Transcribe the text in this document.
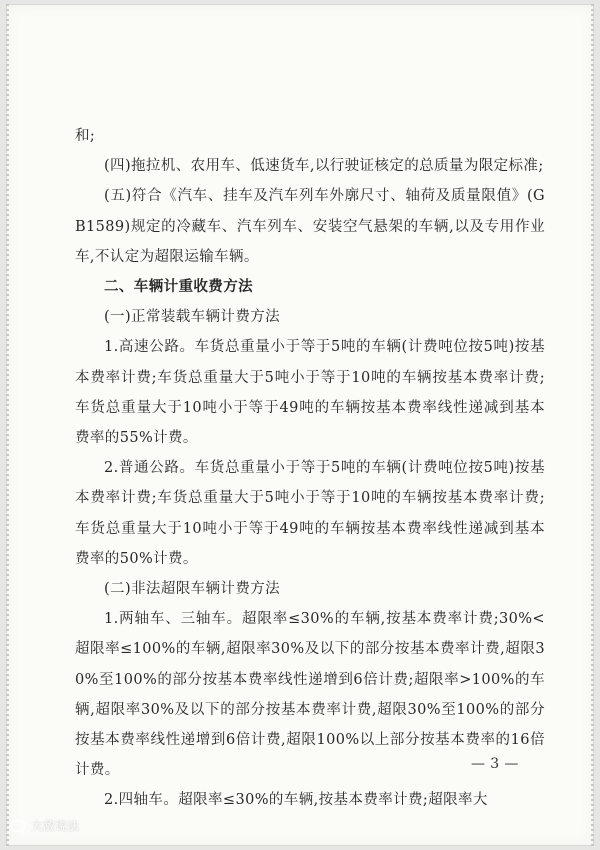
和;

(四)拖拉机、农用车、低速货车,以行驶证核定的总质量为限定标准;

(五)符合《汽车、挂车及汽车列车外廓尺寸、轴荷及质量限值》(GB1589)规定的冷藏车、汽车列车、安装空气悬架的车辆,以及专用作业车,不认定为超限运输车辆。

二、车辆计重收费方法

(一)正常装载车辆计费方法

1.高速公路。车货总重量小于等于5吨的车辆(计费吨位按5吨)按基本费率计费;车货总重量大于5吨小于等于10吨的车辆按基本费率计费;车货总重量大于10吨小于等于49吨的车辆按基本费率线性递减到基本费率的55%计费。

2.普通公路。车货总重量小于等于5吨的车辆(计费吨位按5吨)按基本费率计费;车货总重量大于5吨小于等于10吨的车辆按基本费率计费;车货总重量大于10吨小于等于49吨的车辆按基本费率线性递减到基本费率的50%计费。

(二)非法超限车辆计费方法

1.两轴车、三轴车。超限率≤30%的车辆,按基本费率计费;30%<超限率≤100%的车辆,超限率30%及以下的部分按基本费率计费,超限30%至100%的部分按基本费率线性递增到6倍计费;超限率>100%的车辆,超限率30%及以下的部分按基本费率计费,超限30%至100%的部分按基本费率线性递增到6倍计费,超限100%以上部分按基本费率的16倍计费。

2.四轴车。超限率≤30%的车辆,按基本费率计费;超限率大

— 3 —
大敌说法
